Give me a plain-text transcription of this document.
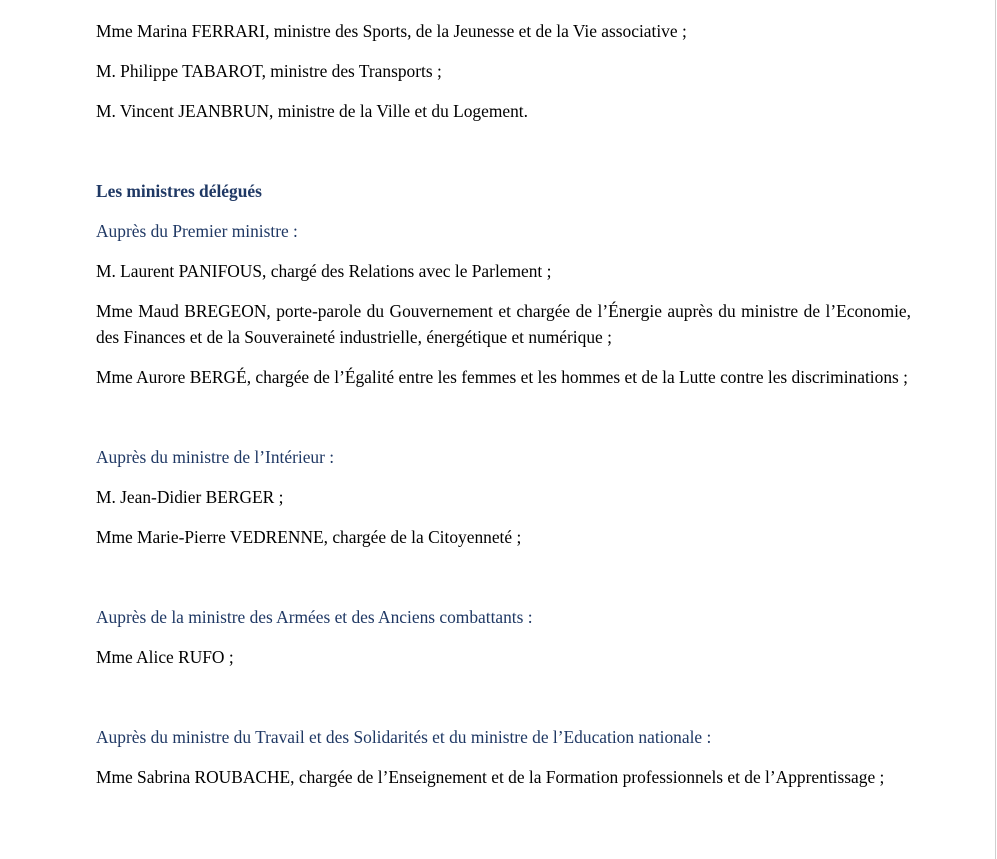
Mme Marina FERRARI, ministre des Sports, de la Jeunesse et de la Vie associative ;

M. Philippe TABAROT, ministre des Transports ;

M. Vincent JEANBRUN, ministre de la Ville et du Logement.

Les ministres délégués

Auprès du Premier ministre :

M. Laurent PANIFOUS, chargé des Relations avec le Parlement ;

Mme Maud BREGEON, porte-parole du Gouvernement et chargée de l’Énergie auprès du ministre de l’Economie, des Finances et de la Souveraineté industrielle, énergétique et numérique ;

Mme Aurore BERGÉ, chargée de l’Égalité entre les femmes et les hommes et de la Lutte contre les discriminations ;

Auprès du ministre de l’Intérieur :

M. Jean-Didier BERGER ;

Mme Marie-Pierre VEDRENNE, chargée de la Citoyenneté ;

Auprès de la ministre des Armées et des Anciens combattants :

Mme Alice RUFO ;

Auprès du ministre du Travail et des Solidarités et du ministre de l’Education nationale :

Mme Sabrina ROUBACHE, chargée de l’Enseignement et de la Formation professionnels et de l’Apprentissage ;
